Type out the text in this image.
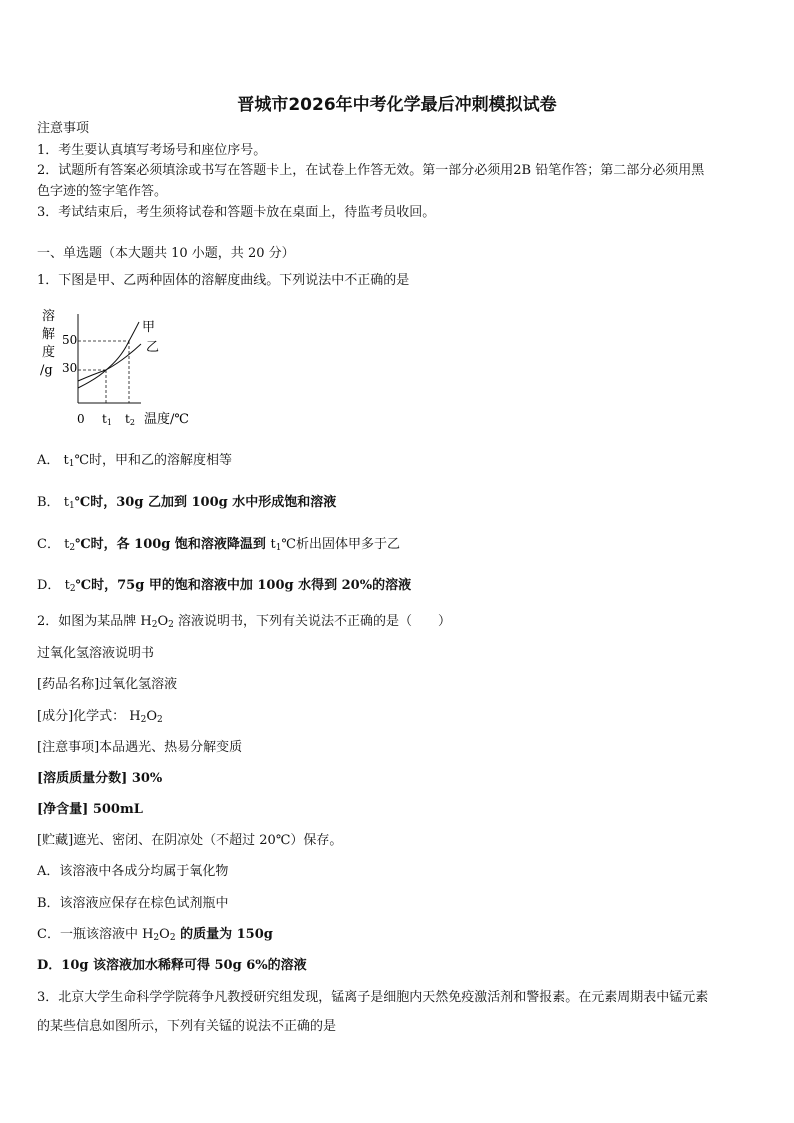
晋城市2026年中考化学最后冲刺模拟试卷
注意事项
1．考生要认真填写考场号和座位序号。
2．试题所有答案必须填涂或书写在答题卡上，在试卷上作答无效。第一部分必须用2B 铅笔作答；第二部分必须用黑
色字迹的签字笔作答。
3．考试结束后，考生须将试卷和答题卡放在桌面上，待监考员收回。
一、单选题（本大题共 10 小题，共 20 分）
1．下图是甲、乙两种固体的溶解度曲线。下列说法中不正确的是
溶
解
度
/g
50
30
甲
乙
0 t1 t2 温度/℃
A． $t_1℃$时，甲和乙的溶解度相等
B． $t_1℃$时，30g 乙加到 100g 水中形成饱和溶液
C． $t_2℃$时，各 100g 饱和溶液降温到 $t_1℃$析出固体甲多于乙
D． $t_2℃$时，75g 甲的饱和溶液中加 100g 水得到 20%的溶液
2．如图为某品牌 $H_2O_2$ 溶液说明书，下列有关说法不正确的是（　　）
过氧化氢溶液说明书
[药品名称]过氧化氢溶液
[成分]化学式： $H_2O_2$
[注意事项]本品遇光、热易分解变质
[溶质质量分数] 30%
[净含量] 500mL
[贮藏]遮光、密闭、在阴凉处（不超过 20℃）保存。
A．该溶液中各成分均属于氧化物
B．该溶液应保存在棕色试剂瓶中
C．一瓶该溶液中 $H_2O_2$ 的质量为 150g
D．10g 该溶液加水稀释可得 50g 6%的溶液
3．北京大学生命科学学院蒋争凡教授研究组发现，锰离子是细胞内天然免疫激活剂和警报素。在元素周期表中锰元素
的某些信息如图所示，下列有关锰的说法不正确的是
